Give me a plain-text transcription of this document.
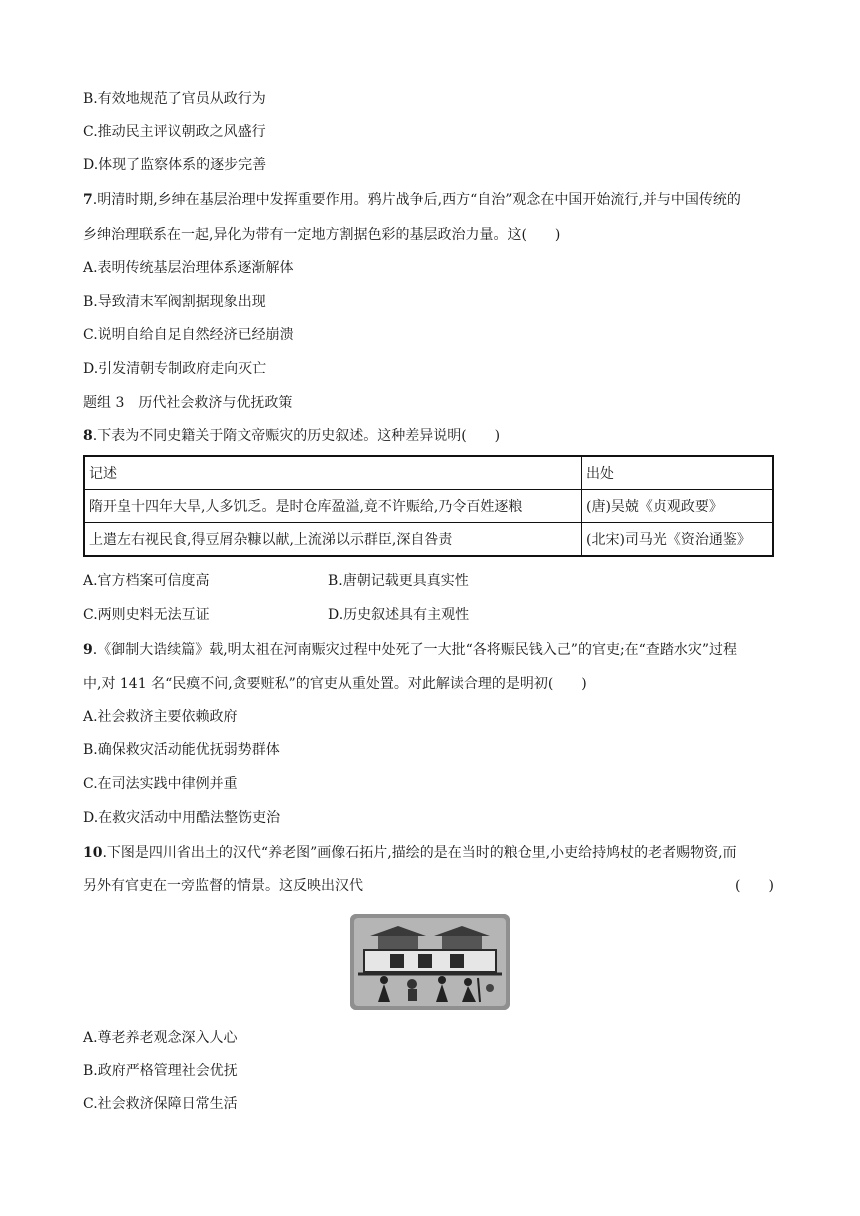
B.有效地规范了官员从政行为
C.推动民主评议朝政之风盛行
D.体现了监察体系的逐步完善
7.明清时期,乡绅在基层治理中发挥重要作用。鸦片战争后,西方“自治”观念在中国开始流行,并与中国传统的
乡绅治理联系在一起,异化为带有一定地方割据色彩的基层政治力量。这(　　)
A.表明传统基层治理体系逐渐解体
B.导致清末军阀割据现象出现
C.说明自给自足自然经济已经崩溃
D.引发清朝专制政府走向灭亡
题组 3　历代社会救济与优抚政策
8.下表为不同史籍关于隋文帝赈灾的历史叙述。这种差异说明(　　)
记述	出处
隋开皇十四年大旱,人多饥乏。是时仓库盈溢,竟不许赈给,乃令百姓逐粮	(唐)吴兢《贞观政要》
上遣左右视民食,得豆屑杂糠以献,上流涕以示群臣,深自咎责	(北宋)司马光《资治通鉴》
A.官方档案可信度高	B.唐朝记载更具真实性
C.两则史料无法互证	D.历史叙述具有主观性
9.《御制大诰续篇》载,明太祖在河南赈灾过程中处死了一大批“各将赈民钱入己”的官吏;在“查踏水灾”过程
中,对 141 名“民瘼不问,贪要赃私”的官吏从重处置。对此解读合理的是明初(　　)
A.社会救济主要依赖政府
B.确保救灾活动能优抚弱势群体
C.在司法实践中律例并重
D.在救灾活动中用酷法整饬吏治
10.下图是四川省出土的汉代“养老图”画像石拓片,描绘的是在当时的粮仓里,小吏给持鸠杖的老者赐物资,而
另外有官吏在一旁监督的情景。这反映出汉代	(　　)
A.尊老养老观念深入人心
B.政府严格管理社会优抚
C.社会救济保障日常生活
